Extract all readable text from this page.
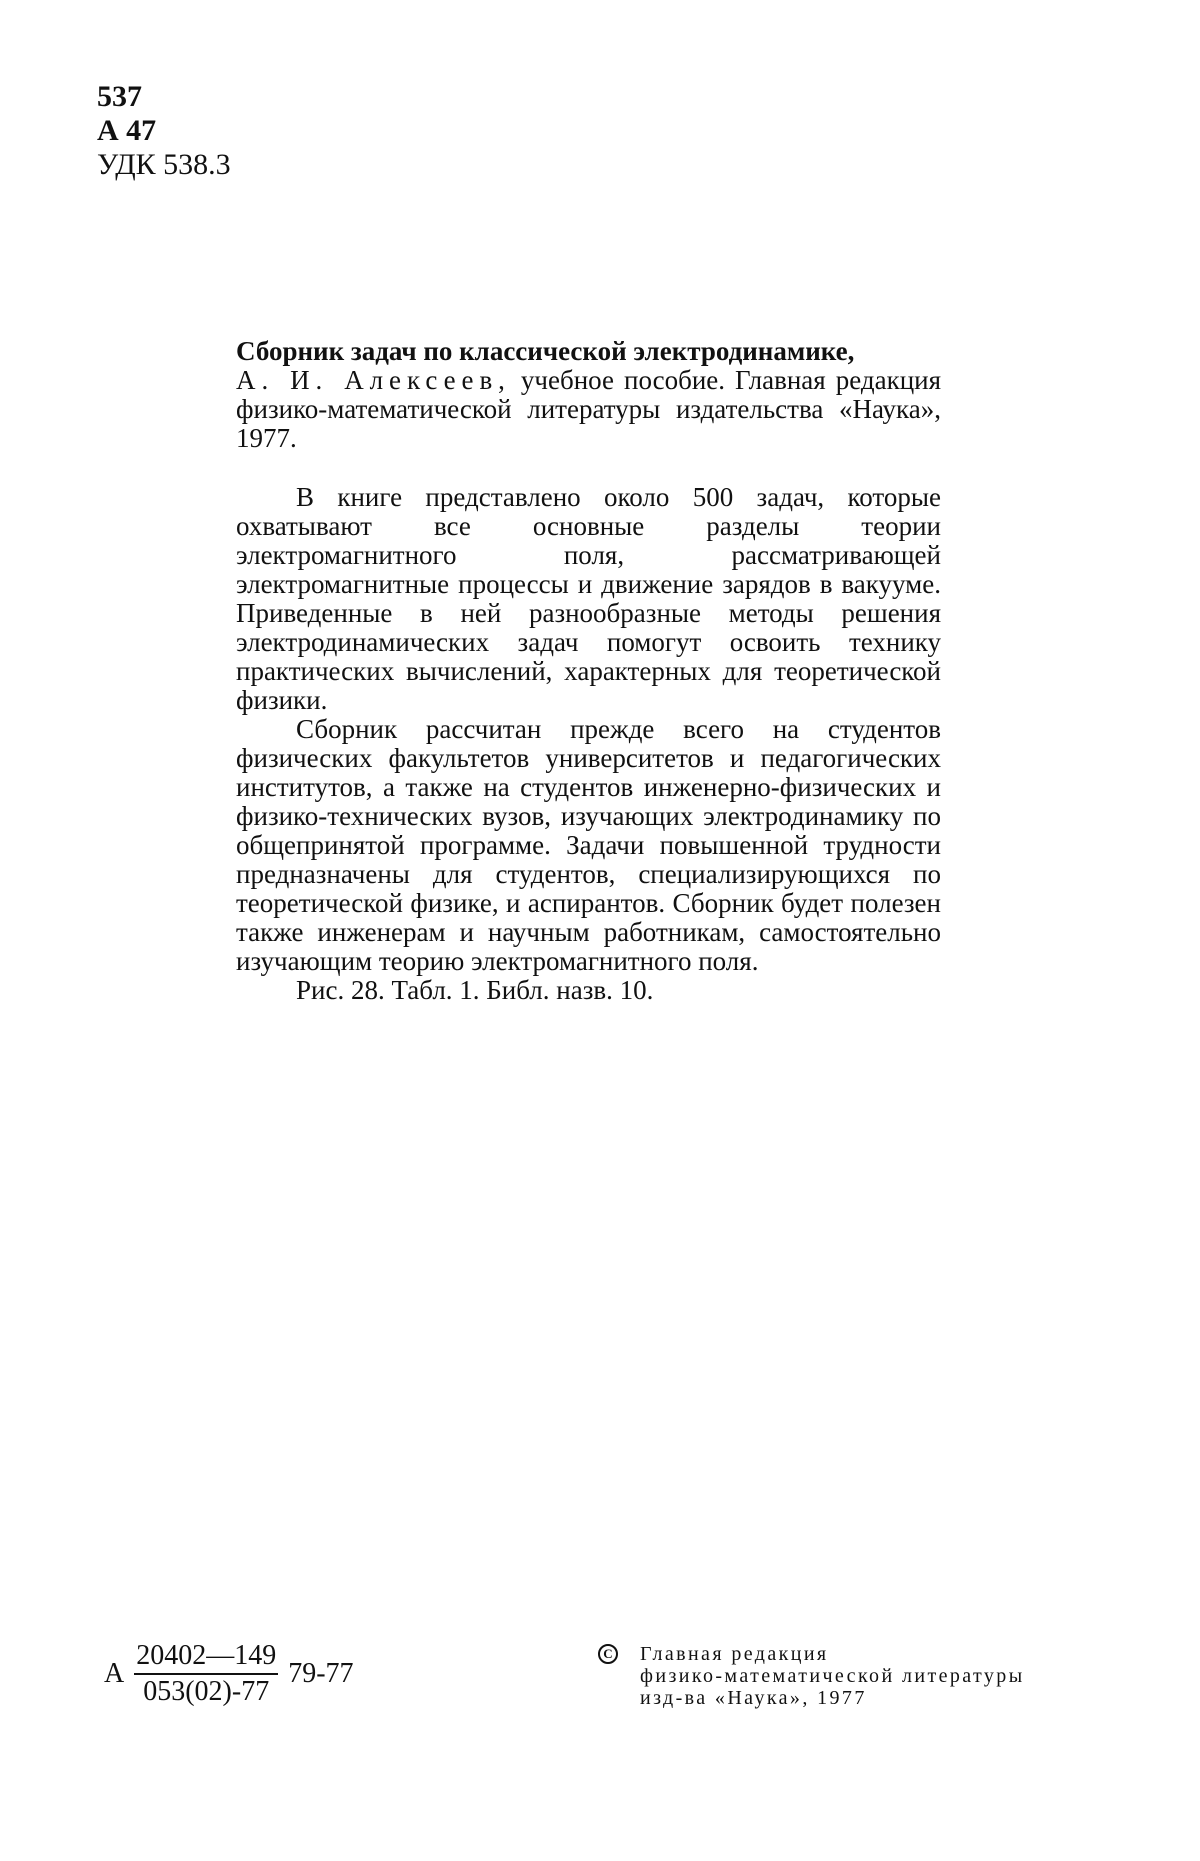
537
А 47
УДК 538.3

Сборник задач по классической электродинамике,
А. И. Алексеев, учебное пособие. Главная редакция физико-математической литературы издательства «Наука», 1977.

В книге представлено около 500 задач, которые охватывают все основные разделы теории электромагнитного поля, рассматривающей электромагнитные процессы и движение зарядов в вакууме. Приведенные в ней разнообразные методы решения электродинамических задач помогут освоить технику практических вычислений, характерных для теоретической физики.

Сборник рассчитан прежде всего на студентов физических факультетов университетов и педагогических институтов, а также на студентов инженерно-физических и физико-технических вузов, изучающих электродинамику по общепринятой программе. Задачи повышенной трудности предназначены для студентов, специализирующихся по теоретической физике, и аспирантов. Сборник будет полезен также инженерам и научным работникам, самостоятельно изучающим теорию электромагнитного поля.

Рис. 28. Табл. 1. Библ. назв. 10.

А $\frac{20402—149}{053(02)-77} 79-77$
С Главная редакция
физико-математической литературы
изд-ва «Наука», 1977
